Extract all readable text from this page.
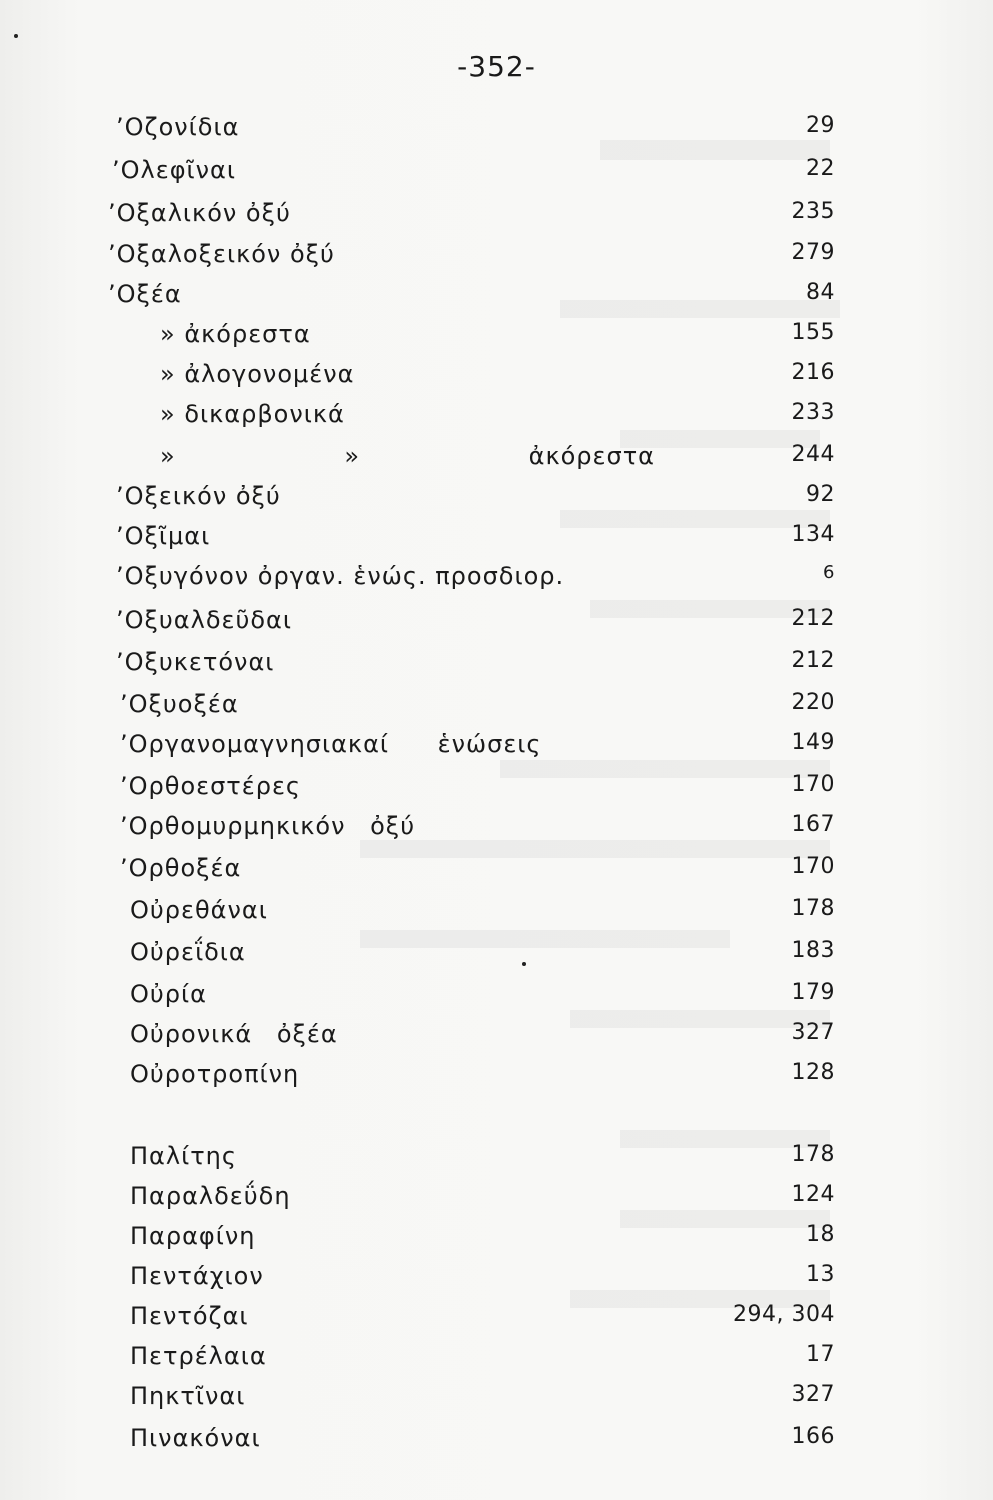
-352-
’Οζονίδια	29
’Ολεφῖναι	22
’Οξαλικόν ὀξύ	235
’Οξαλοξεικόν ὀξύ	279
’Οξέα	84
» ἀκόρεστα	155
» ἀλογονομένα	216
» δικαρβονικά	233
» » ἀκόρεστα	244
’Οξεικόν ὀξύ	92
’Οξῖμαι	134
’Οξυγόνον ὀργαν. ἑνώς. προσδιορ.	6
’Οξυαλδεῦδαι	212
’Οξυκετόναι	212
’Οξυοξέα	220
’Οργανομαγνησιακαί ἑνώσεις	149
’Ορθοεστέρες	170
’Ορθομυρμηκικόν ὀξύ	167
’Ορθοξέα	170
Οὐρεθάναι	178
Οὐρεΐδια	183
Οὐρία	179
Οὐρονικά ὀξέα	327
Οὐροτροπίνη	128
Παλίτης	178
Παραλδεΰδη	124
Παραφίνη	18
Πεντάχιον	13
Πεντόζαι	294, 304
Πετρέλαια	17
Πηκτῖναι	327
Πινακόναι	166
